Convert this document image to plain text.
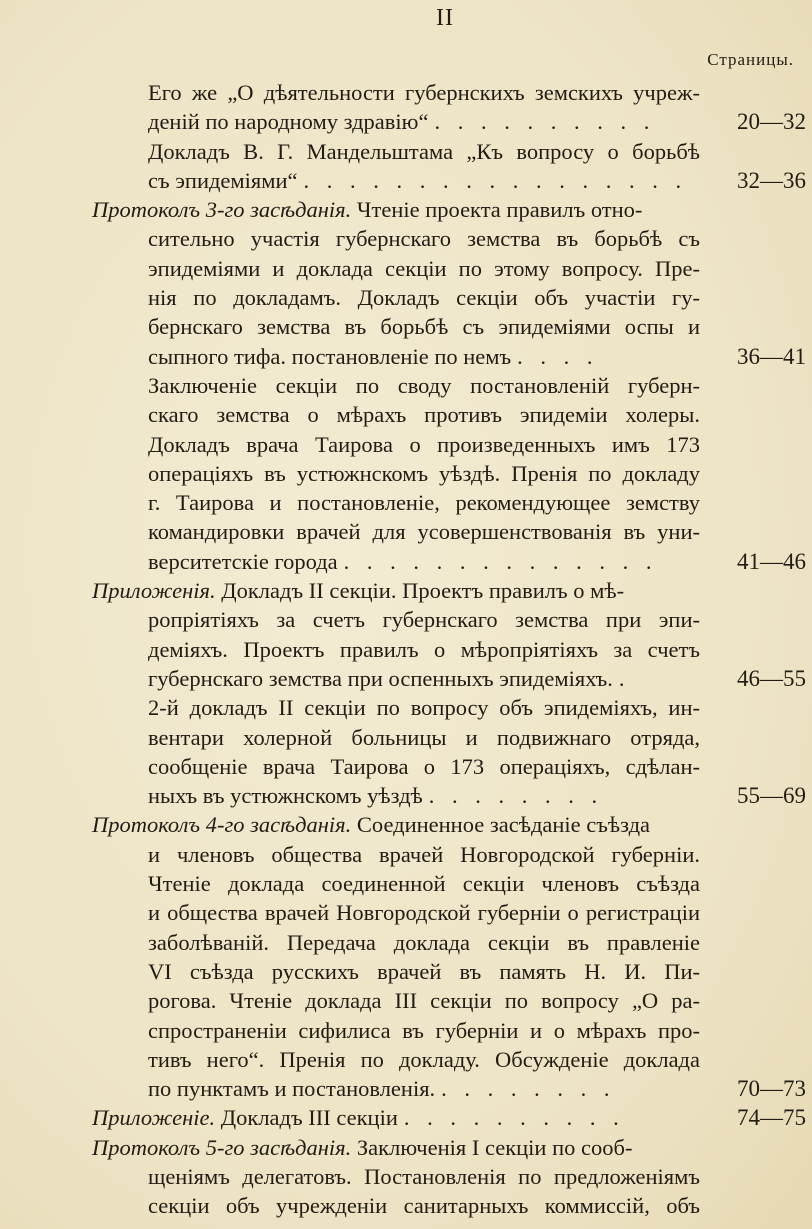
II
Страницы.
Его же „О дѣятельности губернскихъ земскихъ учреж-
деній по народному здравію“ . . . . . . . . . .	20—32
Докладъ В. Г. Мандельштама „Къ вопросу о борьбѣ
съ эпидеміями“ . . . . . . . . . . . . . . . . .	32—36
Протоколъ 3-го засѣданія.
Чтеніе проекта правилъ отно-
сительно участія губернскаго земства въ борьбѣ съ
эпидеміями и доклада секціи по этому вопросу. Пре-
нія по докладамъ. Докладъ секціи объ участіи гу-
бернскаго земства въ борьбѣ съ эпидеміями оспы и
сыпного тифа. постановленіе по немъ . . . .	36—41
Заключеніе секціи по своду постановленій губерн-
скаго земства о мѣрахъ противъ эпидеміи холеры.
Докладъ врача Таирова о произведенныхъ имъ 173
операціяхъ въ устюжнскомъ уѣздѣ. Пренія по докладу
г. Таирова и постановленіе, рекомендующее земству
командировки врачей для усовершенствованія въ уни-
верситетскіе города . . . . . . . . . . . . . .	41—46
Приложенія.
Докладъ II секціи. Проектъ правилъ о мѣ-
ропріятіяхъ за счетъ губернскаго земства при эпи-
деміяхъ. Проектъ правилъ о мѣропріятіяхъ за счетъ
губернскаго земства при оспенныхъ эпидеміяхъ. .	46—55
2-й докладъ II секціи по вопросу объ эпидеміяхъ, ин-
вентари холерной больницы и подвижнаго отряда,
сообщеніе врача Таирова о 173 операціяхъ, сдѣлан-
ныхъ въ устюжнскомъ уѣздѣ . . . . . . . .	55—69
Протоколъ 4-го засѣданія.
Соединенное засѣданіе съѣзда
и членовъ общества врачей Новгородской губерніи.
Чтеніе доклада соединенной секціи членовъ съѣзда
и общества врачей Новгородской губерніи о регистраціи
заболѣваній. Передача доклада секціи въ правленіе
VI съѣзда русскихъ врачей въ память Н. И. Пи-
рогова. Чтеніе доклада III секціи по вопросу „О ра-
спространеніи сифилиса въ губерніи и о мѣрахъ про-
тивъ него“. Пренія по докладу. Обсужденіе доклада
по пунктамъ и постановленія. . . . . . . . .	70—73
Приложеніе.
Докладъ III секціи . . . . . . . . . .	74—75
Протоколъ 5-го засѣданія.
Заключенія I секціи по сооб-
щеніямъ делегатовъ. Постановленія по предложеніямъ
секціи объ учрежденіи санитарныхъ коммиссій, объ
